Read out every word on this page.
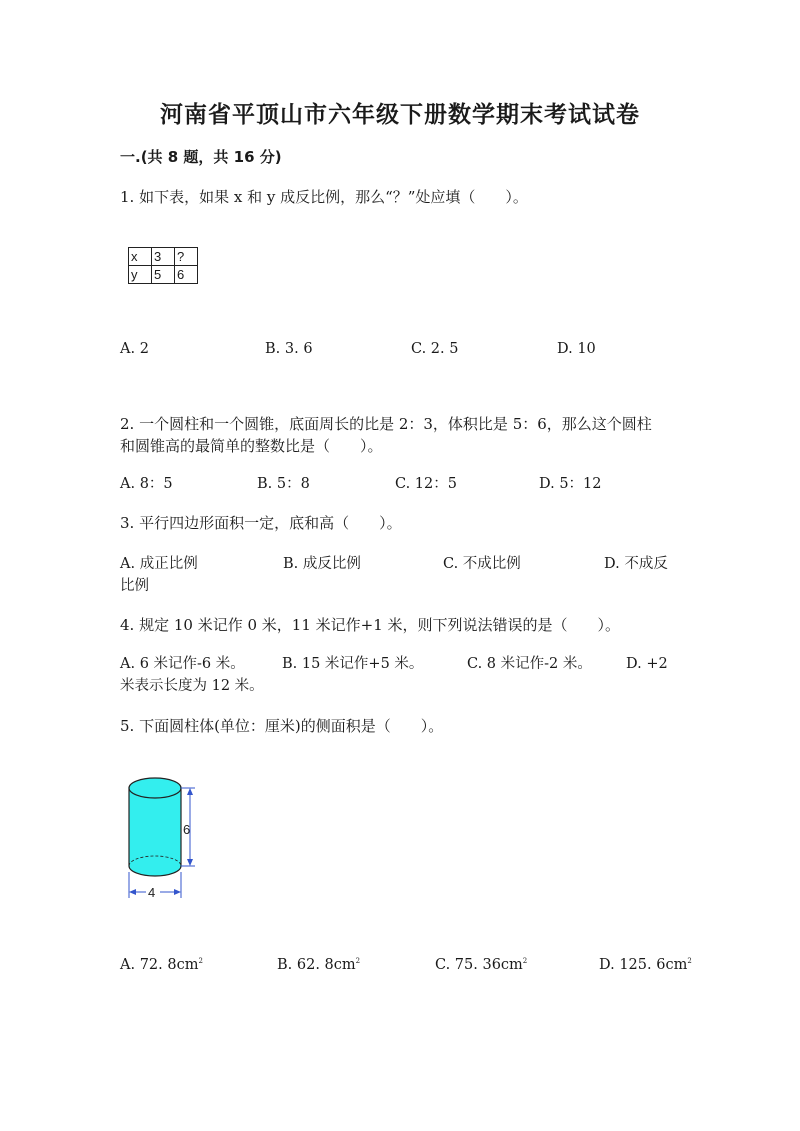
河南省平顶山市六年级下册数学期末考试试卷
一.(共 8 题，共 16 分)
1. 如下表，如果 x 和 y 成反比例，那么“？”处应填（　　）。
x	3	?
y	5	6
A. 2	B. 3. 6	C. 2. 5	D. 10
2. 一个圆柱和一个圆锥，底面周长的比是 2：3，体积比是 5：6，那么这个圆柱
和圆锥高的最简单的整数比是（　　）。
A. 8：5	B. 5：8	C. 12：5	D. 5：12
3. 平行四边形面积一定，底和高（　　）。
A. 成正比例	B. 成反比例	C. 不成比例	D. 不成反
比例
4. 规定 10 米记作 0 米，11 米记作+1 米，则下列说法错误的是（　　）。
A. 6 米记作-6 米。	B. 15 米记作+5 米。	C. 8 米记作-2 米。 D. +2
米表示长度为 12 米。
5. 下面圆柱体(单位：厘米)的侧面积是（　　）。
6
4
A. 72. $8cm^2$	B. 62. $8cm^2$	C. 75. $36cm^2$	D. 125. $6cm^2$
